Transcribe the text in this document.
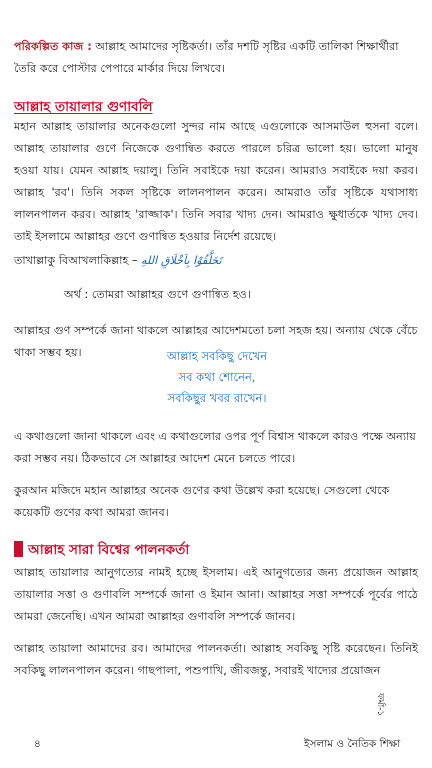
পরিকল্পিত কাজ : আল্লাহ আমাদের সৃষ্টিকর্তা। তাঁর দশটি সৃষ্টির একটি তালিকা শিক্ষার্থীরা তৈরি করে পোস্টার পেপারে মার্কার দিয়ে লিখবে।

আল্লাহ তায়ালার গুণাবলি

মহান আল্লাহ তায়ালার অনেকগুলো সুন্দর নাম আছে এগুলোকে আসমাউল হুসনা বলে। আল্লাহ তায়ালার গুণে নিজেকে গুণান্বিত করতে পারলে চরিত্র ভালো হয়। ভালো মানুষ হওয়া যায়। যেমন আল্লাহ দয়ালু। তিনি সবাইকে দয়া করেন। আমরাও সবাইকে দয়া করব। আল্লাহ 'রব'। তিনি সকল সৃষ্টিকে লালনপালন করেন। আমরাও তাঁর সৃষ্টিকে যথাসাধ্য লালনপালন করব। আল্লাহ 'রাজ্জাক'। তিনি সবার খাদ্য দেন। আমরাও ক্ষুধার্তকে খাদ্য দেব। তাই ইসলামে আল্লাহর গুণে গুণান্বিত হওয়ার নির্দেশ রয়েছে।

তাখাল্লাকু বিআখলাকিল্লাহ – تَخَلَّقُوْا بِاَخْلَاقِ اللهِ

অর্থ : তোমরা আল্লাহর গুণে গুণান্বিত হও।

আল্লাহর গুণ সম্পর্কে জানা থাকলে আল্লাহর আদেশমতো চলা সহজ হয়। অন্যায় থেকে বেঁচে থাকা সম্ভব হয়।	আল্লাহ সবকিছু দেখেন
সব কথা শোনেন,
সবকিছুর খবর রাখেন।

এ কথাগুলো জানা থাকলে এবং এ কথাগুলোর ওপর পূর্ণ বিশ্বাস থাকলে কারও পক্ষে অন্যায় করা সম্ভব নয়। ঠিকভাবে সে আল্লাহর আদেশ মেনে চলতে পারে।

কুরআন মজিদে মহান আল্লাহর অনেক গুণের কথা উল্লেখ করা হয়েছে। সেগুলো থেকে কয়েকটি গুণের কথা আমরা জানব।

আল্লাহ সারা বিশ্বের পালনকর্তা

আল্লাহ তায়ালার আনুগত্যের নামই হচ্ছে ইসলাম। এই আনুগত্যের জন্য প্রয়োজন আল্লাহ তায়ালার সত্তা ও গুণাবলি সম্পর্কে জানা ও ইমান আনা। আল্লাহর সত্তা সম্পর্কে পূর্বের পাঠে আমরা জেনেছি। এখন আমরা আল্লাহর গুণাবলি সম্পর্কে জানব।

আল্লাহ তায়ালা আমাদের রব। আমাদের পালনকর্তা। আল্লাহ সবকিছু সৃষ্টি করেছেন। তিনিই সবকিছু লালনপালন করেন। গাছপালা, পশুপাখি, জীবজন্তু, সবারই খাদ্যের প্রয়োজন

ফর্মা-১
৪	ইসলাম ও নৈতিক শিক্ষা
